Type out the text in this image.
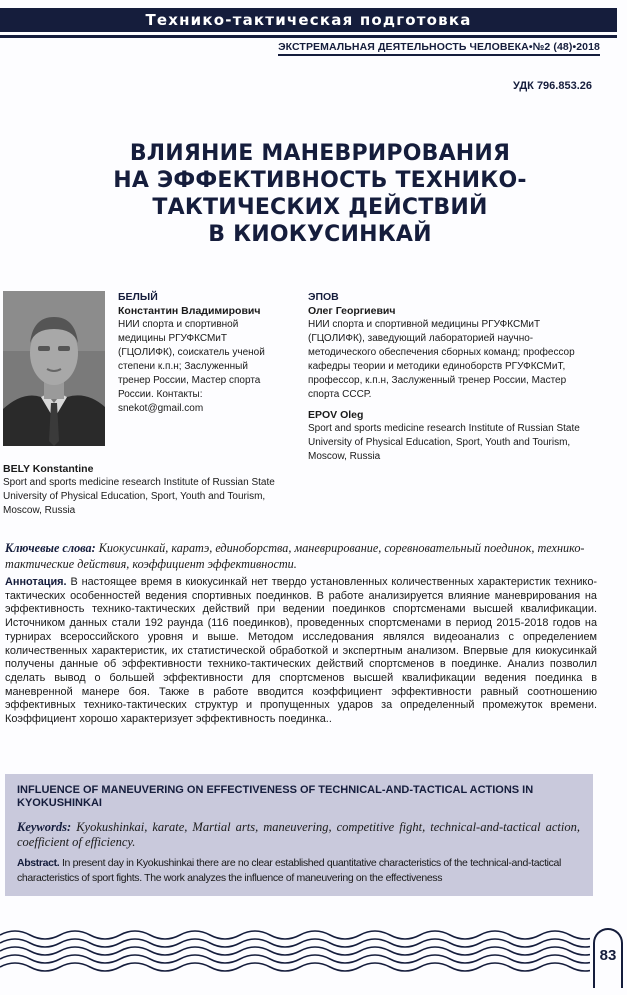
Технико-тактическая подготовка
ЭКСТРЕМАЛЬНАЯ ДЕЯТЕЛЬНОСТЬ ЧЕЛОВЕКА•№2 (48)•2018
УДК 796.853.26
ВЛИЯНИЕ МАНЕВРИРОВАНИЯ
НА ЭФФЕКТИВНОСТЬ ТЕХНИКО-
ТАКТИЧЕСКИХ ДЕЙСТВИЙ
В КИОКУСИНКАЙ
БЕЛЫЙ
Константин Владимирович
НИИ спорта и спортивной медицины РГУФКСМиТ (ГЦОЛИФК), соискатель ученой степени к.п.н; Заслуженный тренер России, Мастер спорта России. Контакты: snekot@gmail.com
BELY Konstantine
Sport and sports medicine research Institute of Russian State University of Physical Education, Sport, Youth and Tourism, Moscow, Russia
ЭПОВ
Олег Георгиевич
НИИ спорта и спортивной медицины РГУФКСМиТ (ГЦОЛИФК), заведующий лабораторией научно-методического обеспечения сборных команд; профессор кафедры теории и методики единоборств РГУФКСМиТ, профессор, к.п.н, Заслуженный тренер России, Мастер спорта СССР.
EPOV Oleg
Sport and sports medicine research Institute of Russian State University of Physical Education, Sport, Youth and Tourism, Moscow, Russia
Ключевые слова: Киокусинкай, каратэ, единоборства, маневрирование, соревновательный поединок, технико-тактические действия, коэффициент эффективности.
Аннотация. В настоящее время в киокусинкай нет твердо установленных количественных характеристик технико-тактических особенностей ведения спортивных поединков. В работе анализируется влияние маневрирования на эффективность технико-тактических действий при ведении поединков спортсменами высшей квалификации. Источником данных стали 192 раунда (116 поединков), проведенных спортсменами в период 2015-2018 годов на турнирах всероссийского уровня и выше. Методом исследования являлся видеоанализ с определением количественных характеристик, их статистической обработкой и экспертным анализом. Впервые для киокусинкай получены данные об эффективности технико-тактических действий спортсменов в поединке. Анализ позволил сделать вывод о большей эффективности для спортсменов высшей квалификации ведения поединка в маневренной манере боя. Также в работе вводится коэффициент эффективности равный соотношению эффективных технико-тактических структур и пропущенных ударов за определенный промежуток времени. Коэффициент хорошо характеризует эффективность поединка..
INFLUENCE OF MANEUVERING ON EFFECTIVENESS OF TECHNICAL-AND-TACTICAL ACTIONS IN KYOKUSHINKAI
Keywords: Kyokushinkai, karate, Martial arts, maneuvering, competitive fight, technical-and-tactical action, coefficient of efficiency.
Abstract. In present day in Kyokushinkai there are no clear established quantitative characteristics of the technical-and-tactical characteristics of sport fights. The work analyzes the influence of maneuvering on the effectiveness
83
